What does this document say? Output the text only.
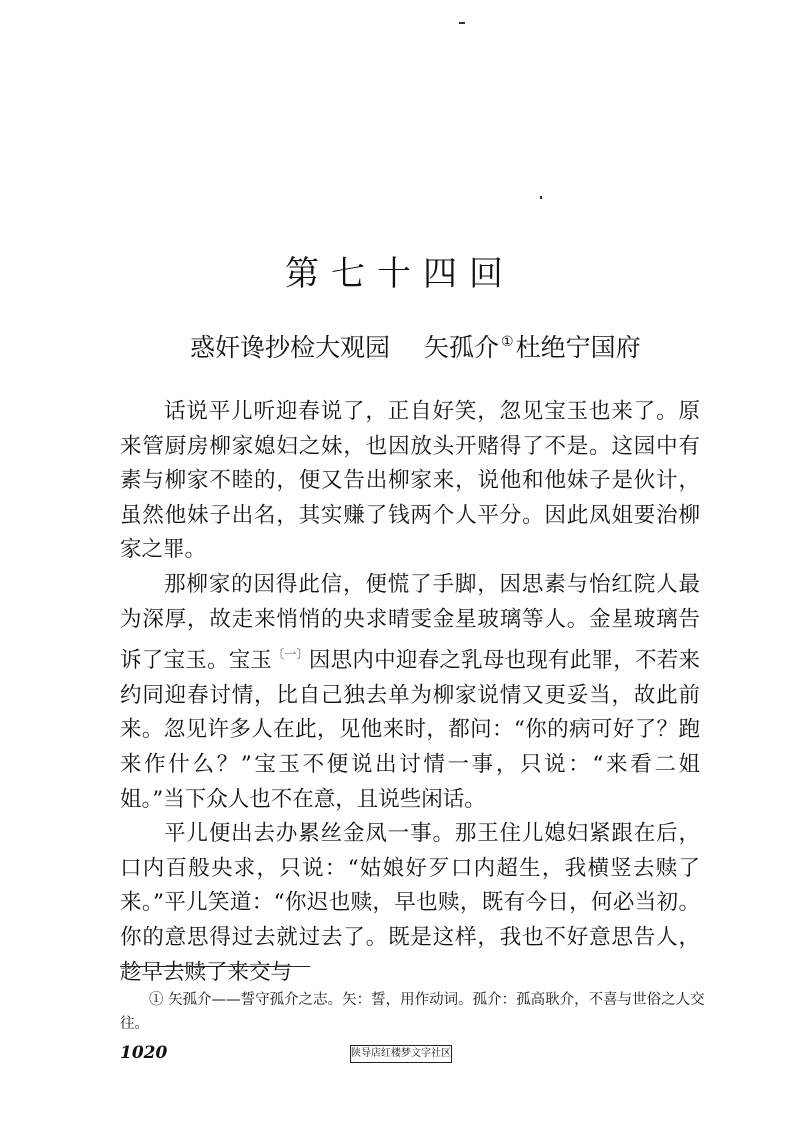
第七十四回
惑奸谗抄检大观园 矢孤介 ①杜绝宁国府

话说平儿听迎春说了，正自好笑，忽见宝玉也来了。原来管厨房柳家媳妇之妹，也因放头开赌得了不是。这园中有素与柳家不睦的，便又告出柳家来，说他和他妹子是伙计，虽然他妹子出名，其实赚了钱两个人平分。因此凤姐要治柳家之罪。

那柳家的因得此信，便慌了手脚，因思素与怡红院人最为深厚，故走来悄悄的央求晴雯金星玻璃等人。金星玻璃告诉了宝玉。宝玉$^{〔一〕}$因思内中迎春之乳母也现有此罪，不若来约同迎春讨情，比自己独去单为柳家说情又更妥当，故此前来。忽见许多人在此，见他来时，都问：“你的病可好了？跑来作什么？”宝玉不便说出讨情一事，只说：“来看二姐姐。”当下众人也不在意，且说些闲话。

平儿便出去办累丝金凤一事。那王住儿媳妇紧跟在后，口内百般央求，只说：“姑娘好歹口内超生，我横竖去赎了来。”平儿笑道：“你迟也赎，早也赎，既有今日，何必当初。你的意思得过去就过去了。既是这样，我也不好意思告人，趁早去赎了来交与

① 矢孤介——誓守孤介之志。矢：誓，用作动词。孤介：孤高耿介，不喜与世俗之人交往。
1020	陕导店红楼梦文字社区
